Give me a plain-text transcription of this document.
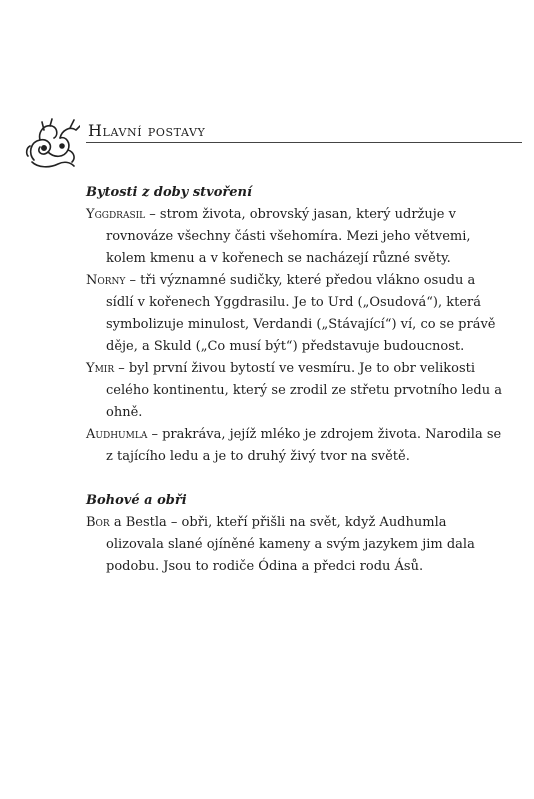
Hlavní postavy
Bytosti z doby stvoření
Yggdrasil – strom života, obrovský jasan, který udržuje v rovnováze všechny části všehomíra. Mezi jeho větvemi, kolem kmenu a v kořenech se nacházejí různé světy.
Norny – tři významné sudičky, které předou vlákno osudu a sídlí v kořenech Yggdrasilu. Je to Urd („Osudová“), která symbolizuje minulost, Verdandi („Stávající“) ví, co se právě děje, a Skuld („Co musí být“) představuje budoucnost.
Ymir – byl první živou bytostí ve vesmíru. Je to obr velikosti celého kontinentu, který se zrodil ze střetu prvotního ledu a ohně.
Audhumla – prakráva, jejíž mléko je zdrojem života. Narodila se z tajícího ledu a je to druhý živý tvor na světě.
Bohové a obři
Bor a Bestla – obři, kteří přišli na svět, když Audhumla olizovala slané ojíněné kameny a svým jazykem jim dala podobu. Jsou to rodiče Ódina a předci rodu Ásů.
